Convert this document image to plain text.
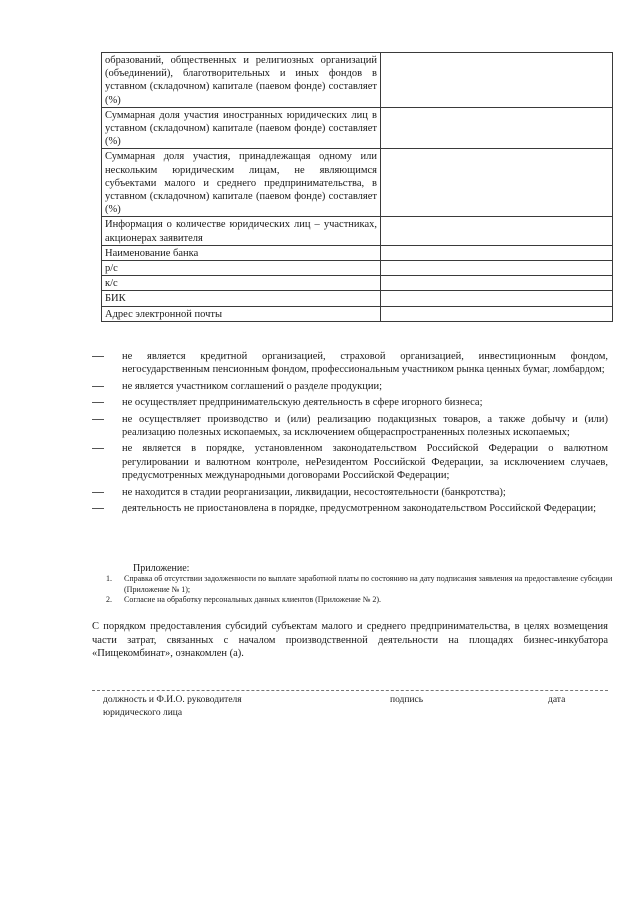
образований, общественных и религиозных организаций (объединений), благотворительных и иных фондов в уставном (складочном) капитале (паевом фонде) составляет (%)	
Суммарная доля участия иностранных юридических лиц в уставном (складочном) капитале (паевом фонде) составляет (%)	
Суммарная доля участия, принадлежащая одному или нескольким юридическим лицам, не являющимся субъектами малого и среднего предпринимательства, в уставном (складочном) капитале (паевом фонде) составляет (%)	
Информация о количестве юридических лиц – участниках, акционерах заявителя	
Наименование банка	
р/с	
к/с	
БИК	
Адрес электронной почты	
не является кредитной организацией, страховой организацией, инвестиционным фондом, негосударственным пенсионным фондом, профессиональным участником рынка ценных бумаг, ломбардом;
не является участником соглашений о разделе продукции;
не осуществляет предпринимательскую деятельность в сфере игорного бизнеса;
не осуществляет производство и (или) реализацию подакцизных товаров, а также добычу и (или) реализацию полезных ископаемых, за исключением общераспространенных полезных ископаемых;
не является в порядке, установленном законодательством Российской Федерации о валютном регулировании и валютном контроле, неРезидентом Российской Федерации, за исключением случаев, предусмотренных международными договорами Российской Федерации;
не находится в стадии реорганизации, ликвидации, несостоятельности (банкротства);
деятельность не приостановлена в порядке, предусмотренном законодательством Российской Федерации;
Приложение:
1. Справка об отсутствии задолженности по выплате заработной платы по состоянию на дату подписания заявления на предоставление субсидии (Приложение № 1);
2. Согласие на обработку персональных данных клиентов (Приложение № 2).
С порядком предоставления субсидий субъектам малого и среднего предпринимательства, в целях возмещения части затрат, связанных с началом производственной деятельности на площадях бизнес-инкубатора «Пищекомбинат», ознакомлен (а).
должность и Ф.И.О. руководителя юридического лица
подпись	дата
